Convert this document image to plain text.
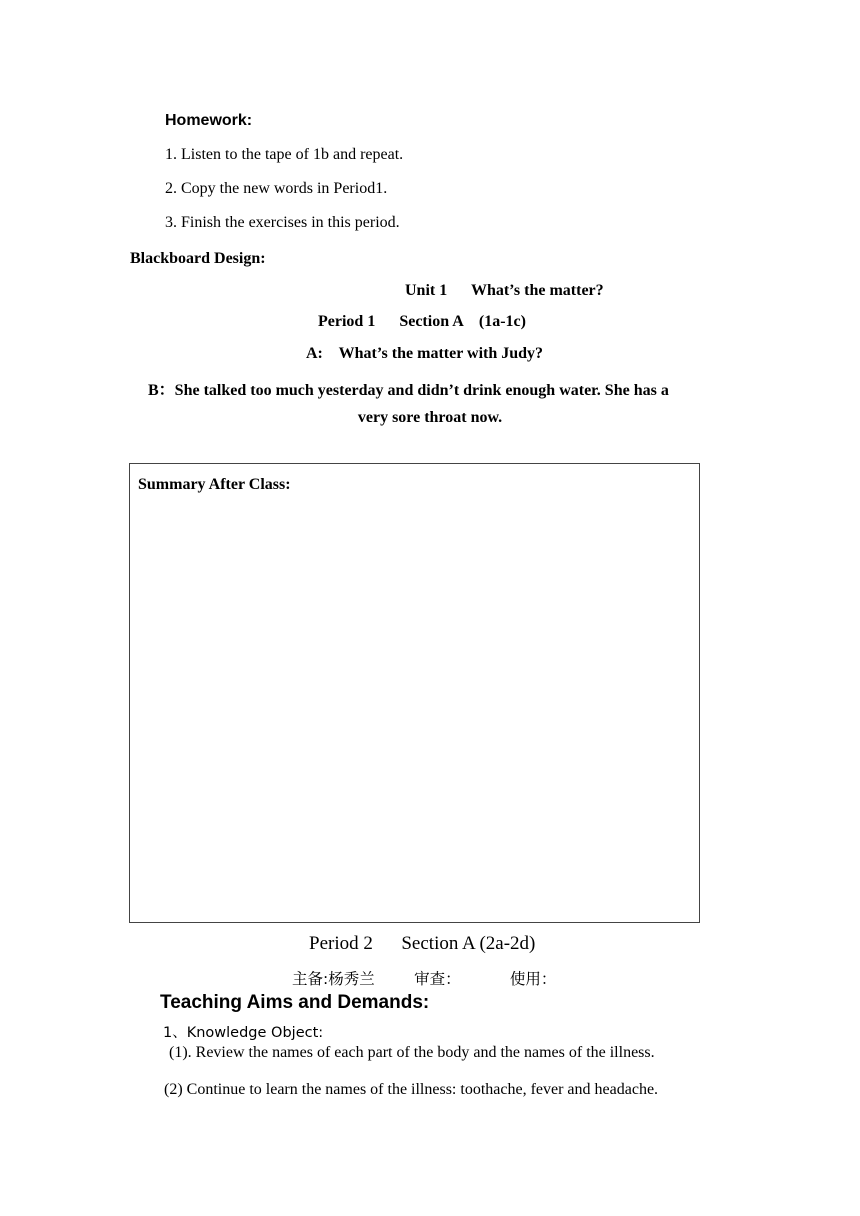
Homework:
1. Listen to the tape of 1b and repeat.
2. Copy the new words in Period1.
3. Finish the exercises in this period.
Blackboard Design:
Unit 1      What’s the matter?
Period 1      Section A    (1a-1c)
A:    What’s the matter with Judy?
B：She talked too much yesterday and didn’t drink enough water. She has a
very sore throat now.
Summary After Class:
Period 2      Section A (2a-2d)
主备:杨秀兰        审查：          使用：
Teaching Aims and Demands:
1、Knowledge Object:
(1). Review the names of each part of the body and the names of the illness.
(2) Continue to learn the names of the illness: toothache, fever and headache.
